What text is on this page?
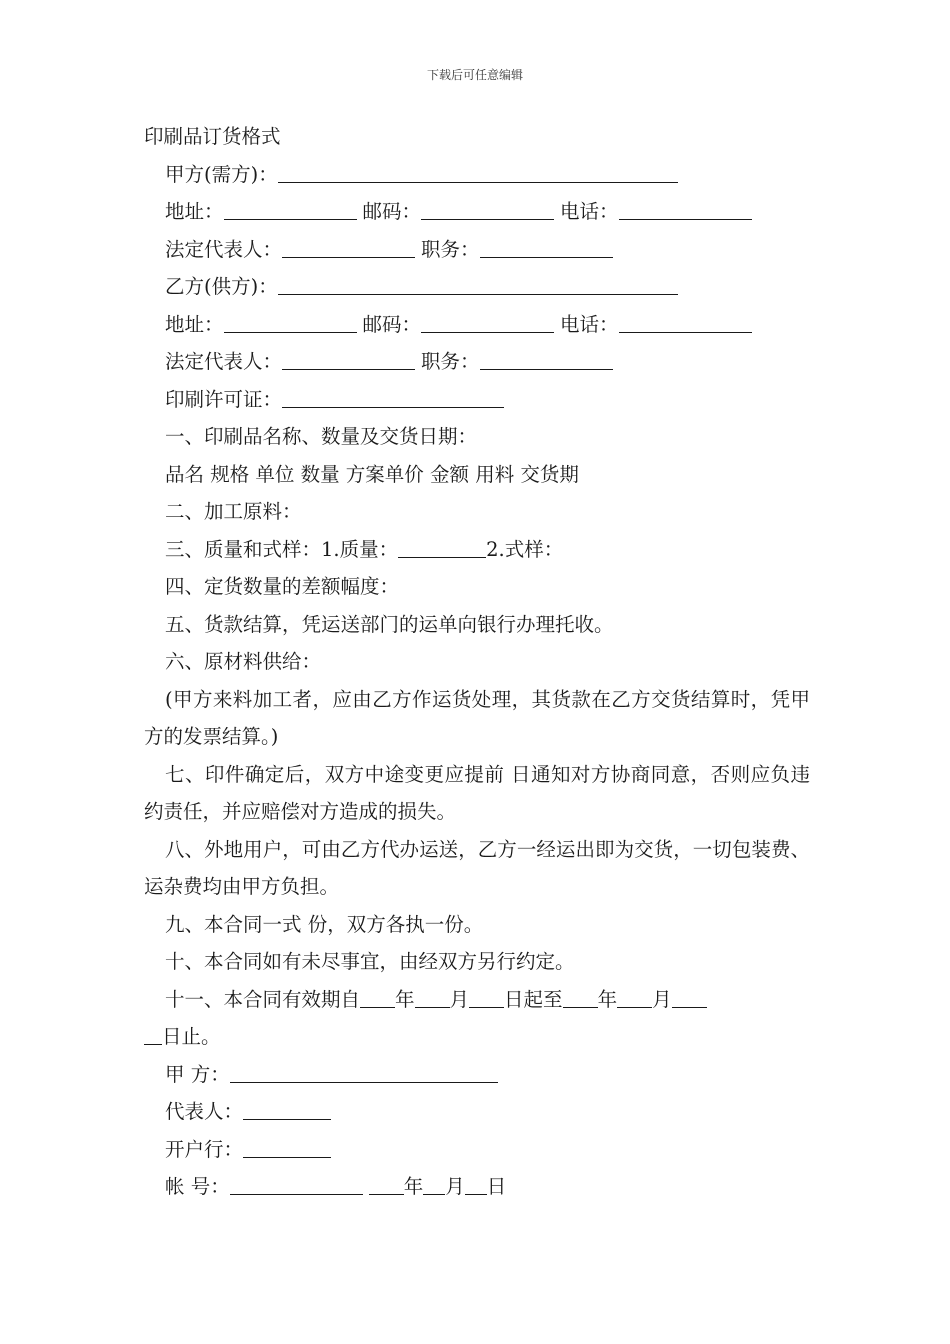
下载后可任意编辑
印刷品订货格式
甲方(需方)：
地址：	邮码：	电话：
法定代表人：	职务：
乙方(供方)：
地址：	邮码：	电话：
法定代表人：	职务：
印刷许可证：
一、印刷品名称、数量及交货日期：
品名 规格 单位 数量 方案单价 金额 用料 交货期
二、加工原料：
三、质量和式样：1.质量：	2.式样：
四、定货数量的差额幅度：
五、货款结算，凭运送部门的运单向银行办理托收。
六、原材料供给：
(甲方来料加工者，应由乙方作运货处理，其货款在乙方交货结算时，凭甲方的发票结算。)
七、印件确定后，双方中途变更应提前 日通知对方协商同意，否则应负违约责任，并应赔偿对方造成的损失。
八、外地用户，可由乙方代办运送，乙方一经运出即为交货，一切包装费、运杂费均由甲方负担。
九、本合同一式 份，双方各执一份。
十、本合同如有未尽事宜，由经双方另行约定。
十一、本合同有效期自 年 月 日起至 年 月
日止。
甲 方：
代表人：
开户行：
帐 号：	年 月 日
